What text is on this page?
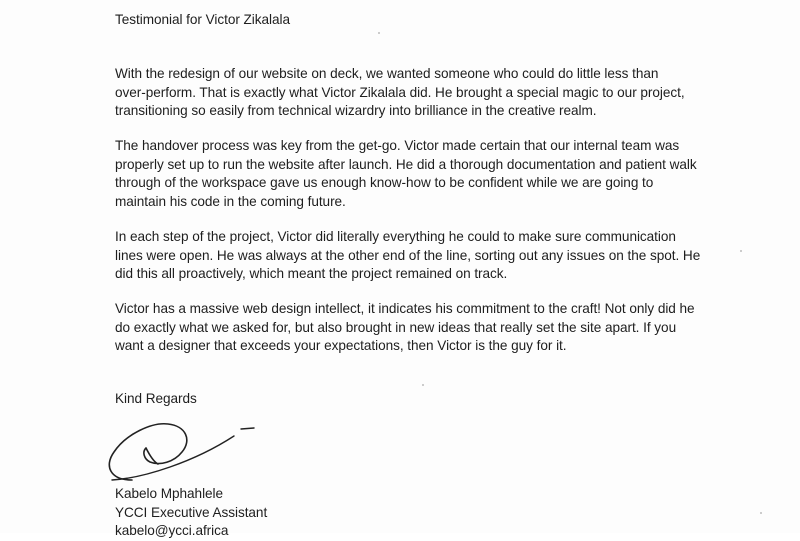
Testimonial for Victor Zikalala
With the redesign of our website on deck, we wanted someone who could do little less than
over-perform. That is exactly what Victor Zikalala did. He brought a special magic to our project,
transitioning so easily from technical wizardry into brilliance in the creative realm.
The handover process was key from the get-go. Victor made certain that our internal team was
properly set up to run the website after launch. He did a thorough documentation and patient walk
through of the workspace gave us enough know-how to be confident while we are going to
maintain his code in the coming future.
In each step of the project, Victor did literally everything he could to make sure communication
lines were open. He was always at the other end of the line, sorting out any issues on the spot. He
did this all proactively, which meant the project remained on track.
Victor has a massive web design intellect, it indicates his commitment to the craft! Not only did he
do exactly what we asked for, but also brought in new ideas that really set the site apart. If you
want a designer that exceeds your expectations, then Victor is the guy for it.
Kind Regards
Kabelo Mphahlele
YCCI Executive Assistant
kabelo@ycci.africa
